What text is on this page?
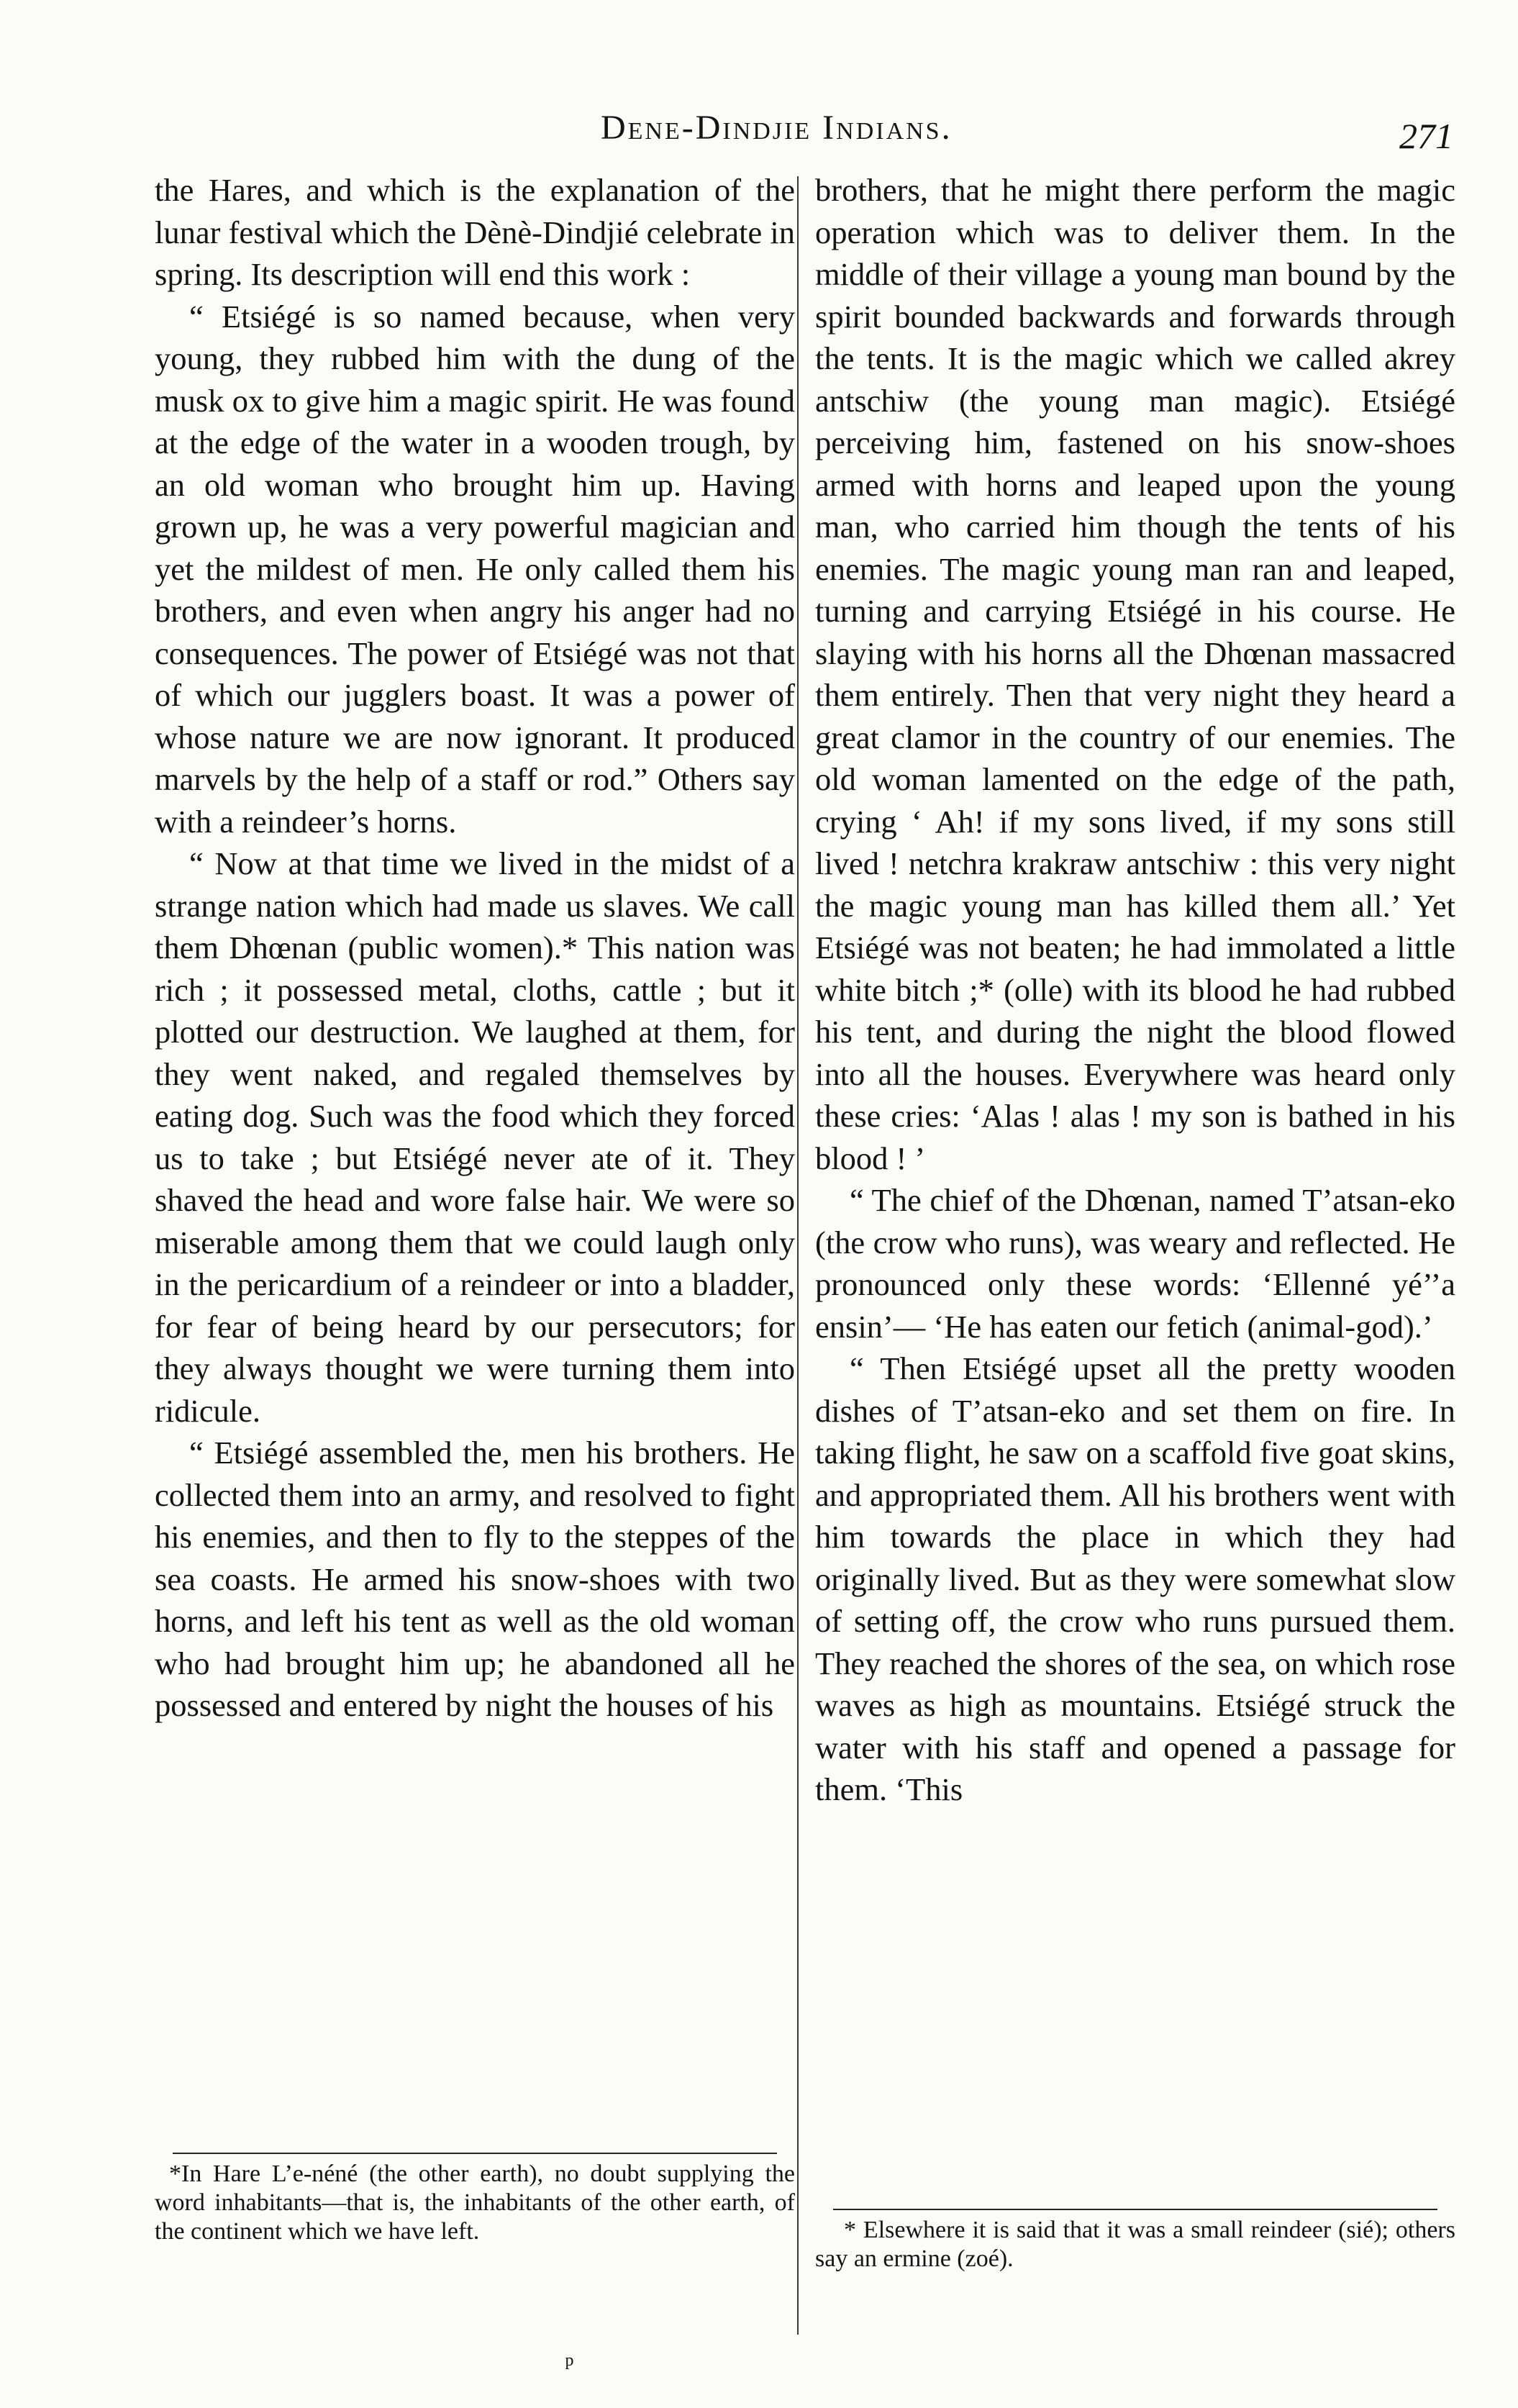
Dene-Dindjie Indians.	271

the Hares, and which is the explanation of the lunar festival which the Dènè-Dindjié celebrate in spring. Its description will end this work :

“ Etsiégé is so named because, when very young, they rubbed him with the dung of the musk ox to give him a magic spirit. He was found at the edge of the water in a wooden trough, by an old woman who brought him up. Having grown up, he was a very powerful magician and yet the mildest of men. He only called them his brothers, and even when angry his anger had no consequences. The power of Etsiégé was not that of which our jugglers boast. It was a power of whose nature we are now ignorant. It produced marvels by the help of a staff or rod.” Others say with a reindeer’s horns.

“ Now at that time we lived in the midst of a strange nation which had made us slaves. We call them Dhœnan (public women).* This nation was rich ; it possessed metal, cloths, cattle ; but it plotted our destruction. We laughed at them, for they went naked, and regaled themselves by eating dog. Such was the food which they forced us to take ; but Etsiégé never ate of it. They shaved the head and wore false hair. We were so miserable among them that we could laugh only in the pericardium of a reindeer or into a bladder, for fear of being heard by our persecutors; for they always thought we were turning them into ridicule.

“ Etsiégé assembled the, men his brothers. He collected them into an army, and resolved to fight his enemies, and then to fly to the steppes of the sea coasts. He armed his snow-shoes with two horns, and left his tent as well as the old woman who had brought him up; he abandoned all he possessed and entered by night the houses of his

*In Hare L’e-néné (the other earth), no doubt supplying the word inhabitants—that is, the inhabitants of the other earth, of the continent which we have left.

brothers, that he might there perform the magic operation which was to deliver them. In the middle of their village a young man bound by the spirit bounded backwards and forwards through the tents. It is the magic which we called akrey antschiw (the young man magic). Etsiégé perceiving him, fastened on his snow-shoes armed with horns and leaped upon the young man, who carried him though the tents of his enemies. The magic young man ran and leaped, turning and carrying Etsiégé in his course. He slaying with his horns all the Dhœnan massacred them entirely. Then that very night they heard a great clamor in the country of our enemies. The old woman lamented on the edge of the path, crying ‘ Ah! if my sons lived, if my sons still lived ! netchra krakraw antschiw : this very night the magic young man has killed them all.’ Yet Etsiégé was not beaten; he had immolated a little white bitch ;* (olle) with its blood he had rubbed his tent, and during the night the blood flowed into all the houses. Everywhere was heard only these cries: ‘Alas ! alas ! my son is bathed in his blood ! ’

“ The chief of the Dhœnan, named T’atsan-eko (the crow who runs), was weary and reflected. He pronounced only these words: ‘Ellenné yé’’a ensin’— ‘He has eaten our fetich (animal-god).’

“ Then Etsiégé upset all the pretty wooden dishes of T’atsan-eko and set them on fire. In taking flight, he saw on a scaffold five goat skins, and appropriated them. All his brothers went with him towards the place in which they had originally lived. But as they were somewhat slow of setting off, the crow who runs pursued them. They reached the shores of the sea, on which rose waves as high as mountains. Etsiégé struck the water with his staff and opened a passage for them. ‘This

* Elsewhere it is said that it was a small reindeer (sié); others say an ermine (zoé).

ᵖ
